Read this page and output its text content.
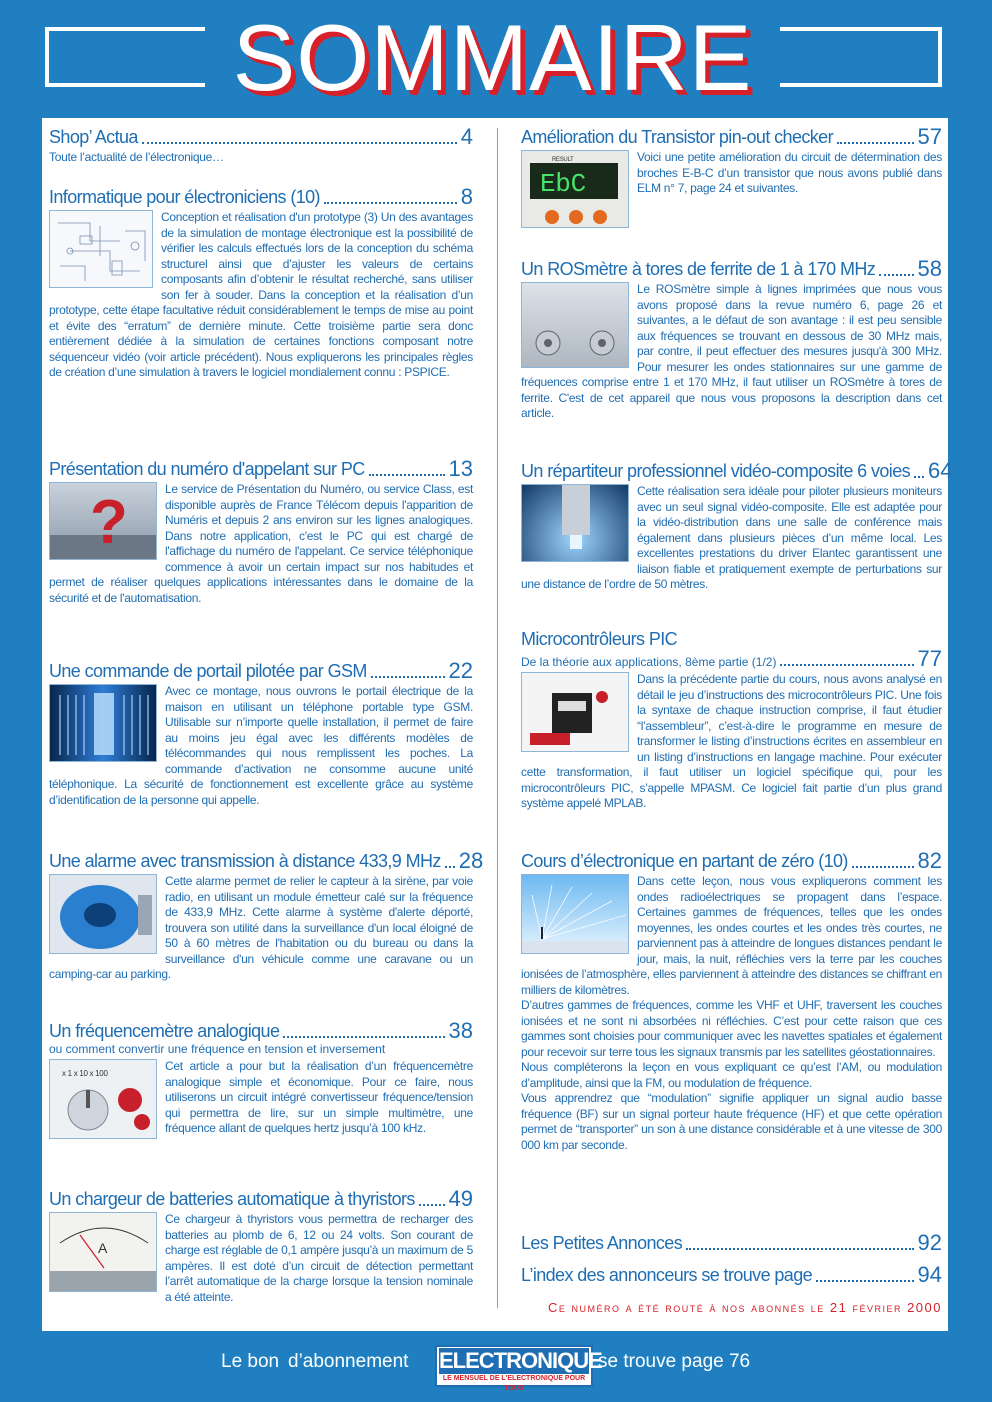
SOMMAIRE
Shop’ Actua	4
Toute l’actualité de l’électronique…
Informatique pour électroniciens (10)	8
Conception et réalisation d'un prototype (3) Un des avantages de la simulation de montage électronique est la possibilité de vérifier les calculs effectués lors de la conception du schéma structurel ainsi que d’ajuster les valeurs de certains composants afin d’obtenir le résultat recherché, sans utiliser son fer à souder. Dans la conception et la réalisation d’un prototype, cette étape facultative réduit considérablement le temps de mise au point et évite des “erratum” de dernière minute. Cette troisième partie sera donc entièrement dédiée à la simulation de certaines fonctions composant notre séquenceur vidéo (voir article précédent). Nous expliquerons les principales règles de création d’une simulation à travers le logiciel mondialement connu : PSPICE.
Présentation du numéro d'appelant sur PC	13
?	Le service de Présentation du Numéro, ou service Class, est disponible auprès de France Télécom depuis l'apparition de Numéris et depuis 2 ans environ sur les lignes analogiques. Dans notre application, c'est le PC qui est chargé de l'affichage du numéro de l'appelant. Ce service téléphonique commence à avoir un certain impact sur nos habitudes et permet de réaliser quelques applications intéressantes dans le domaine de la sécurité et de l'automatisation.
Une commande de portail pilotée par GSM	22
Avec ce montage, nous ouvrons le portail électrique de la maison en utilisant un téléphone portable type GSM. Utilisable sur n’importe quelle installation, il permet de faire au moins jeu égal avec les différents modèles de télécommandes qui nous remplissent les poches. La commande d’activation ne consomme aucune unité téléphonique. La sécurité de fonctionnement est excellente grâce au système d’identification de la personne qui appelle.
Une alarme avec transmission à distance 433,9 MHz 28
Cette alarme permet de relier le capteur à la sirène, par voie radio, en utilisant un module émetteur calé sur la fréquence de 433,9 MHz. Cette alarme à système d'alerte déporté, trouvera son utilité dans la surveillance d'un local éloigné de 50 à 60 mètres de l'habitation ou du bureau ou dans la surveillance d'un véhicule comme une caravane ou un camping-car au parking.
Un fréquencemètre analogique	38
ou comment convertir une fréquence en tension et inversement
x 1 x 10 x 100
Cet article a pour but la réalisation d’un fréquencemètre analogique simple et économique. Pour ce faire, nous utiliserons un circuit intégré convertisseur fréquence/tension qui permettra de lire, sur un simple multimètre, une fréquence allant de quelques hertz jusqu’à 100 kHz.
Un chargeur de batteries automatique à thyristors 49
A
Ce chargeur à thyristors vous permettra de recharger des batteries au plomb de 6, 12 ou 24 volts. Son courant de charge est réglable de 0,1 ampère jusqu’à un maximum de 5 ampères. Il est doté d’un circuit de détection permettant l’arrêt automatique de la charge lorsque la tension nominale a été atteinte.
Amélioration du Transistor pin-out checker	57
RESULT
EbC
Voici une petite amélioration du circuit de détermination des broches E-B-C d’un transistor que nous avons publié dans ELM n° 7, page 24 et suivantes.
Un ROSmètre à tores de ferrite de 1 à 170 MHz 58
Le ROSmètre simple à lignes imprimées que nous vous avons proposé dans la revue numéro 6, page 26 et suivantes, a le défaut de son avantage : il est peu sensible aux fréquences se trouvant en dessous de 30 MHz mais, par contre, il peut effectuer des mesures jusqu'à 300 MHz. Pour mesurer les ondes stationnaires sur une gamme de fréquences comprise entre 1 et 170 MHz, il faut utiliser un ROSmètre à tores de ferrite. C'est de cet appareil que nous vous proposons la description dans cet article.
Un répartiteur professionnel vidéo-composite 6 voies 64
Cette réalisation sera idéale pour piloter plusieurs moniteurs avec un seul signal vidéo-composite. Elle est adaptée pour la vidéo-distribution dans une salle de conférence mais également dans plusieurs pièces d’un même local. Les excellentes prestations du driver Elantec garantissent une liaison fiable et pratiquement exempte de perturbations sur une distance de l’ordre de 50 mètres.
Microcontrôleurs PIC
De la théorie aux applications, 8ème partie (1/2)	77
Dans la précédente partie du cours, nous avons analysé en détail le jeu d’instructions des microcontrôleurs PIC. Une fois la syntaxe de chaque instruction comprise, il faut étudier “l’assembleur”, c’est-à-dire le programme en mesure de transformer le listing d’instructions écrites en assembleur en un listing d’instructions en langage machine. Pour exécuter cette transformation, il faut utiliser un logiciel spécifique qui, pour les microcontrôleurs PIC, s’appelle MPASM. Ce logiciel fait partie d’un plus grand système appelé MPLAB.
Cours d’électronique en partant de zéro (10)	82
Dans cette leçon, nous vous expliquerons comment les ondes radioélectriques se propagent dans l’espace. Certaines gammes de fréquences, telles que les ondes moyennes, les ondes courtes et les ondes très courtes, ne parviennent pas à atteindre de longues distances pendant le jour, mais, la nuit, réfléchies vers la terre par les couches ionisées de l’atmosphère, elles parviennent à atteindre des distances se chiffrant en milliers de kilomètres.
D’autres gammes de fréquences, comme les VHF et UHF, traversent les couches ionisées et ne sont ni absorbées ni réfléchies. C’est pour cette raison que ces gammes sont choisies pour communiquer avec les navettes spatiales et également pour recevoir sur terre tous les signaux transmis par les satellites géostationnaires.
Nous compléterons la leçon en vous expliquant ce qu’est l’AM, ou modulation d’amplitude, ainsi que la FM, ou modulation de fréquence.
Vous apprendrez que “modulation” signifie appliquer un signal audio basse fréquence (BF) sur un signal porteur haute fréquence (HF) et que cette opération permet de “transporter” un son à une distance considérable et à une vitesse de 300 000 km par seconde.
Les Petites Annonces	92
L’index des annonceurs se trouve page	94
Ce numéro a été routé à nos abonnés le 21 février 2000
Le bon d’abonnement ELECTRONIQUE
LE MENSUEL DE L'ELECTRONIQUE POUR TOUS
se trouve page 76
